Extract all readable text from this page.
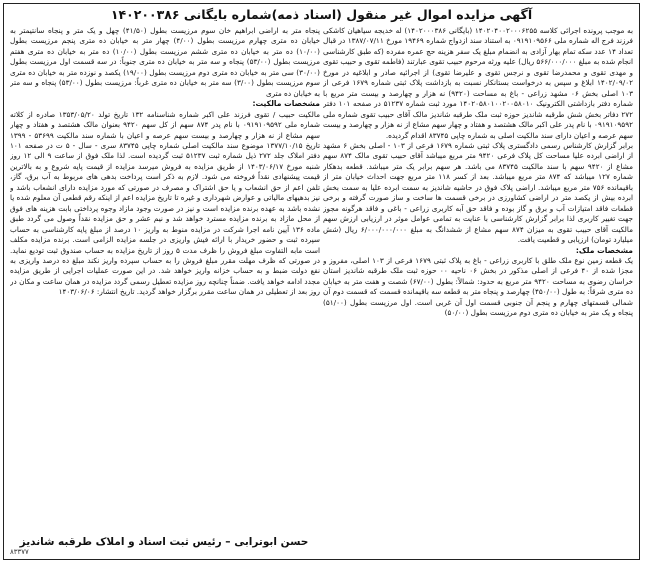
آگهی مزایده اموال غیر منقول (اسناد ذمه)شماره بایگانی ۱۴۰۲۰۰۳۸۶

به موجب پرونده اجرائی کلاسه ۱۴۰۲۰۴۰۰۲۰۰۰۶۲۵۵ (بایگانی ۱۴۰۲۰۰۰۳۸۶) له خدیجه سیاهیان کاشکی فرزند فرج اله شماره ملی ۰۹۱۹۱۰۹۵۶۶ به استناد سند ازدواج شماره ۱۹۴۶۹ مورخ ۱۳۸۷/۰۷/۱۱ در قبال تعداد ۱۴ عدد سکه تمام بهار آزادی به انضمام مبلغ یک سفر هزینه حج عمره مفرده (که طبق کارشناسی انجام شده به مبلغ ۵۶۶/۰۰۰/۰۰۰ ریال) علیه ورثه مرحوم حبیب تقوی عبارتند (فاطمه تقوی و حبیب تقوی و مهدی تقوی و محمدرضا تقوی و نرجس تقوی و علیرضا تقوی) از اجرائیه صادر و ابلاغیه در مورخ ۱۴۰۲/۰۹/۰۲ ابلاغ و سپس به درخواست بستانکار نسبت به بازداشت پلاک ثبتی شماره ۱۶۷۹ فرعی از ۱۰۳ اصلی بخش ۰۶ مشهد زراعی - باغ به مساحت (۹۴۲۰) نه هزار و چهارصد و بیست متر مربع با شماره دفتر بازداشتی الکترونیک ۱۴۰۲۰۵۸۰۱۰۰۲۰۰۵۸۰۱۰ مورد ثبت شماره ۵۱۲۳۷ در صفحه ۱۰۱ دفتر ۲۷۲ دفاتر بخش شش طرقبه شاندیز حوزه ثبت ملک طرقبه شاندیز مالک آقای حبیب تقوی شماره ملی ۰۹۱۹۱۰۹۵۹۲ با نام پدر علی اکبر مالک هشتصد و هفتاد و چهار سهم مشاع از نه هزار و چهارصد و بیست سهم عرصه و اعیان دارای سند مالکیت اصلی به شماره چاپی ۸۳۷۴۵ اقدام گردیده.

برابر گزارش کارشناس رسمی دادگستری پلاک ثبتی شماره ۱۶۷۹ فرعی از ۱۰۳ - اصلی بخش ۶ مشهد از اراضی ابرده علیا مساحت کل پلاک فرعی ۹۴۲۰ متر مربع میباشد آقای حبیب تقوی مالک ۸۷۴ سهم مشاع از ۹۴۲۰ سهم با سند مالکیت ۸۳۷۴۵ می باشد. هر سهم برابر یک متر میباشد. قطعه بدهکار شماره ۱۲۷ میباشد که ۸۷۴ متر مربع میباشد. بعد از کسر ۱۱۸ متر مربع جهت احداث خیابان متر از باقیمانده ۷۵۶ متر مربع میباشد. اراضی پلاک فوق در حاشیه شاندیز به سمت ابرده علیا به سمت بخش ابرده بیش از یکصد متر در اراضی کشاورزی در برخی قسمت ها ساخت و ساز صورت گرفته و برخی قطعات فاقد امتیازات آب و برق و گاز بوده و فاقد حق آبه کاربری زراعی - باغی و فاقد هرگونه مجوز جهت تغییر کاربری لذا برابر گزارش کارشناسی با عنایت به تمامی عوامل موثر در ارزیابی ارزش سهم مالکیت آقای حبیب تقوی به میزان ۸۷۴ سهم مشاع از ششدانگ به مبلغ ۶/۰۰۰/۰۰۰/۰۰۰ ریال (شش میلیارد تومان) ارزیابی و قطعیت یافت.

مشخصات ملک:

یک قطعه زمین نوع ملک طلق با کاربری زراعی - باغ به پلاک ثبتی ۱۶۷۹ فرعی از ۱۰۳ اصلی، مفروز و مجزا شده از ۴۰ فرعی از اصلی مذکور در بخش ۰۶ ناحیه ۰۰ حوزه ثبت ملک طرقبه شاندیز استان خراسان رضوی به مساحت ۹۴۲۰ متر مربع به حدود: شمالاً: بطول (۶۷/۰۰) شصت و هفت متر به خیابان ده متری شرقاً: به طول (۴۵۰/۰۰) چهارصد و پنجاه متر به قطعه سه باقیمانده قسمت که قسمت دوم آن شمالی قسمتهای چهارم و پنجم آن جنوبی قسمت اول آن غربی است. اول مرزیست بطول (۵۱/۰۰) پنجاه و یک متر به خیابان ده متری دوم مرزیست بطول (۵۰/۰۰)

پنجاه متر به اراضی ابراهیم خان سوم مرزیست بطول (۴۱/۵۰) چهل و یک متر و پنجاه سانتیمتر به خیابان ده متری چهارم مرزیست بطول (۴/۰۰) چهار متر به خیابان ده متری پنجم مرزیست بطول (۱۰/۰۰) ده متر به خیابان ده متری ششم مرزیست بطول (۱۰/۰۰) ده متر به خیابان ده متری هفتم مرزیست بطول (۵۳/۰۰) پنجاه و سه متر به خیابان ده متری جنوباً: در سه قسمت اول مرزیست بطول (۳۰/۰۰) سی متر به خیابان ده متری دوم مرزیست بطول (۱۹/۰۰) یکصد و نوزده متر به خیابان ده متری سوم مرزیست بطول (۳/۰۰) سه متر به خیابان ده متری غرباً: مرزیست بطول (۵۳/۰۰) پنجاه و سه متر به خیابان ده متری

مشخصات مالکیت:

مالکیت حبیب / تقوی فرزند علی اکبر شماره شناسنامه ۱۳۲ تاریخ تولد ۱۳۵۳/۰۵/۲۰ صادره از کلاته شماره ملی ۰۹۱۹۱۰۹۵۹۲ با نام پدر ۸۷۴ سهم از کل سهم ۹۴۲۰ بعنوان مالک هشتصد و هفتاد و چهار سهم مشاع از نه هزار و چهارصد و بیست سهم عرصه و اعیان با شماره سند مالکیت ۵۳۶۹۹ - ۱۳۹۹ تاریخ ۱۳۷۷/۱۰/۱۵ موضوع سند مالکیت اصلی شماره چاپی ۸۳۷۴۵ سری - سال - ۵ ت در صفحه ۱۰۱ دفتر املاک جلد ۲۷۲ ذیل شماره ثبت ۵۱۲۳۷ ثبت گردیده است. لذا ملک فوق از ساعت ۹ الی ۱۲ روز شنبه مورخ ۱۴۰۳/۰۶/۱۷ از طریق مزایده به فروش میرسد مزایده از قیمت پایه شروع و به بالاترین قیمت پیشنهادی نقداً فروخته می شود. لازم به ذکر است پرداخت بدهی های مربوط به آب برق، گاز، تلفن اعم از حق انشعاب و یا حق اشتراک و مصرف در صورتی که مورد مزایده دارای انشعاب باشد و نیز بدهیهای مالیاتی و عوارض شهرداری و غیره تا تاریخ مزایده اعم از اینکه رقم قطعی آن معلوم شده یا نشده باشد به عهده برنده مزایده است و نیز در صورت وجود مازاد وجوه پرداختی بابت هزینه های فوق از محل مازاد به برنده مزایده مسترد خواهد شد و نیم عشر و حق مزایده نقداً وصول می گردد طبق ماده ۱۳۶ آیین نامه اجرا شرکت در مزایده منوط به واریز ۱۰ درصد از مبلغ پایه کارشناسی به حساب سپرده ثبت و حضور خریدار با ارائه فیش واریزی در جلسه مزایده الزامی است. برنده مزایده مکلف است مابه التفاوت مبلغ فروش را ظرف مدت ۵ روز از تاریخ مزایده به حساب صندوق ثبت تودیع نماید. در صورتی که ظرف مهلت مقرر مبلغ فروش را به حساب سپرده واریز نکند مبلغ ده درصد واریزی به نفع دولت ضبط و به حساب خزانه واریز خواهد شد. در این صورت عملیات اجرایی از طریق مزایده مجدد ادامه خواهد یافت. ضمناً چنانچه روز مزایده تعطیل رسمی گردد مزایده در همان ساعت و مکان در روز بعد از تعطیلی در همان ساعت مقرر برگزار خواهد گردید. تاریخ انتشار: ۱۴۰۳/۰۶/۰۶

حسن ابوترابی – رئیس ثبت اسناد و املاک طرقبه شاندیز
۸۳۳۷۷
